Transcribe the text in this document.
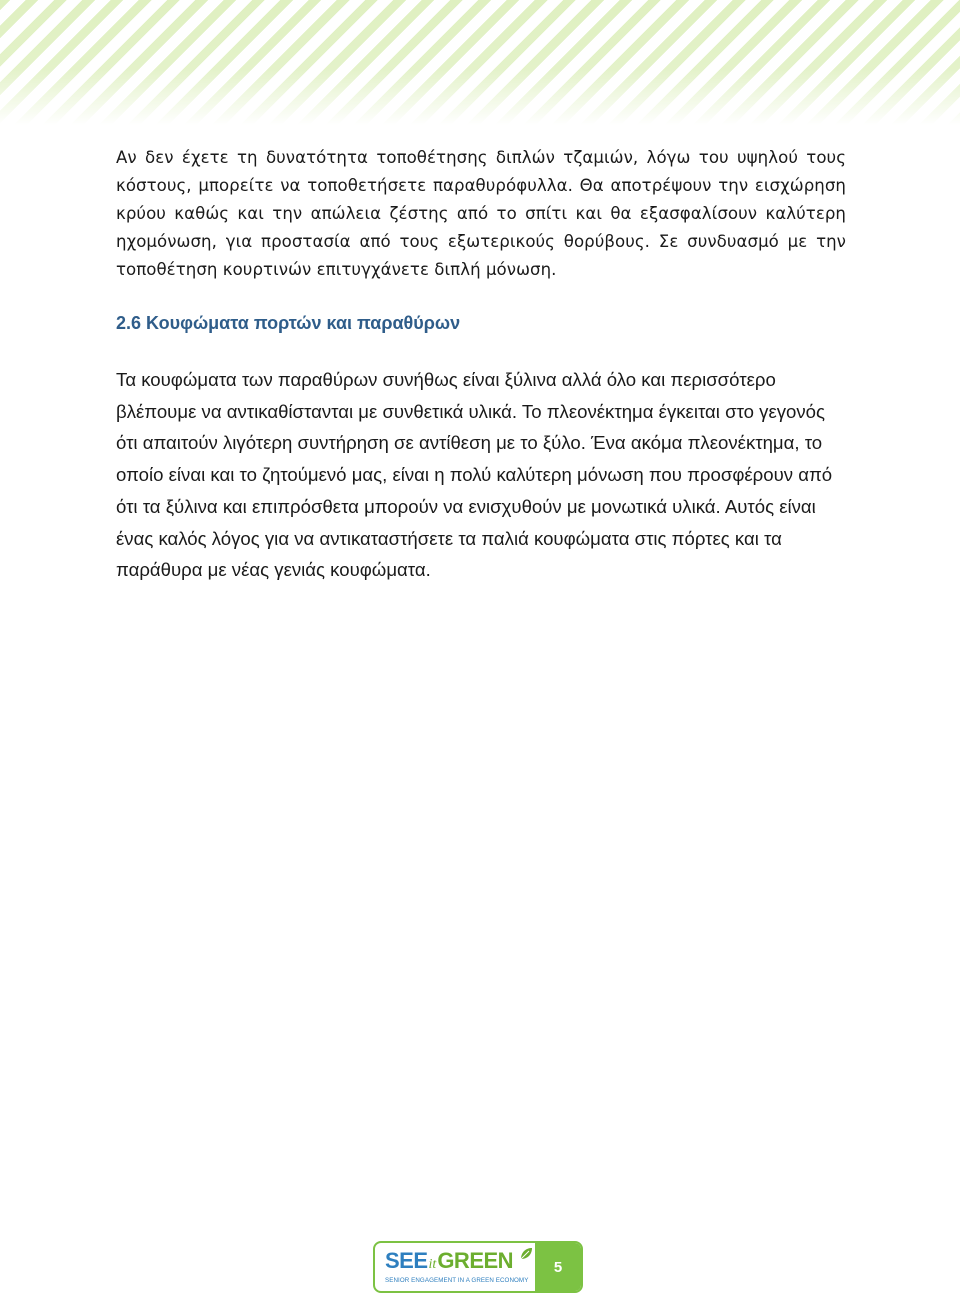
Αν δεν έχετε τη δυνατότητα τοποθέτησης διπλών τζαμιών, λόγω του υψηλού τους κόστους, μπορείτε να τοποθετήσετε παραθυρόφυλλα. Θα αποτρέψουν την εισχώρηση κρύου καθώς και την απώλεια ζέστης από το σπίτι και θα εξασφαλίσουν καλύτερη ηχομόνωση, για προστασία από τους εξωτερικούς θορύβους. Σε συνδυασμό με την τοποθέτηση κουρτινών επιτυγχάνετε διπλή μόνωση.

2.6 Κουφώματα πορτών και παραθύρων

Τα κουφώματα των παραθύρων συνήθως είναι ξύλινα αλλά όλο και περισσότερο βλέπουμε να αντικαθίστανται με συνθετικά υλικά. Το πλεονέκτημα έγκειται στο γεγονός ότι απαιτούν λιγότερη συντήρηση σε αντίθεση με το ξύλο. Ένα ακόμα πλεονέκτημα, το οποίο είναι και το ζητούμενό μας, είναι η πολύ καλύτερη μόνωση που προσφέρουν από ότι τα ξύλινα και επιπρόσθετα μπορούν να ενισχυθούν με μονωτικά υλικά. Αυτός είναι ένας καλός λόγος για να αντικαταστήσετε τα παλιά κουφώματα στις πόρτες και τα παράθυρα με νέας γενιάς κουφώματα.

SEEitGREEN
SENIOR ENGAGEMENT IN A GREEN ECONOMY
5
